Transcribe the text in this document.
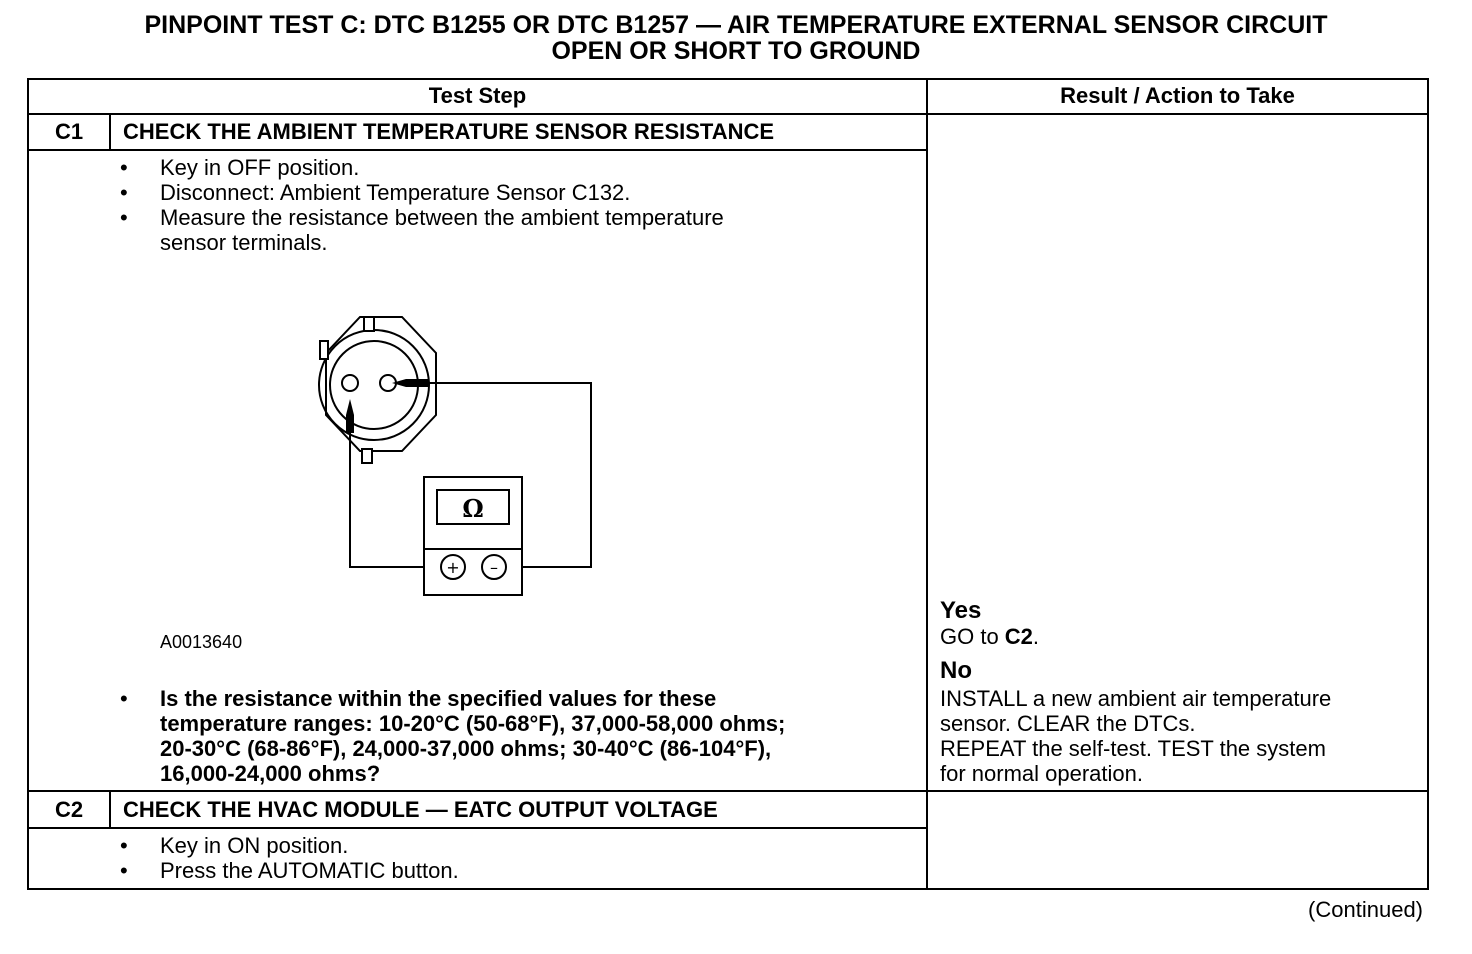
PINPOINT TEST C: DTC B1255 OR DTC B1257 — AIR TEMPERATURE EXTERNAL SENSOR CIRCUIT
OPEN OR SHORT TO GROUND
Test Step	Result / Action to Take
C1	CHECK THE AMBIENT TEMPERATURE SENSOR RESISTANCE
• Key in OFF position.
• Disconnect: Ambient Temperature Sensor C132.
• Measure the resistance between the ambient temperature
sensor terminals.
Ω
+ –
A0013640
• Is the resistance within the specified values for these
temperature ranges: 10-20°C (50-68°F), 37,000-58,000 ohms;
20-30°C (68-86°F), 24,000-37,000 ohms; 30-40°C (86-104°F),
16,000-24,000 ohms?
Yes
GO to C2.
No
INSTALL a new ambient air temperature
sensor. CLEAR the DTCs.
REPEAT the self-test. TEST the system
for normal operation.
C2	CHECK THE HVAC MODULE — EATC OUTPUT VOLTAGE
• Key in ON position.
• Press the AUTOMATIC button.
(Continued)
